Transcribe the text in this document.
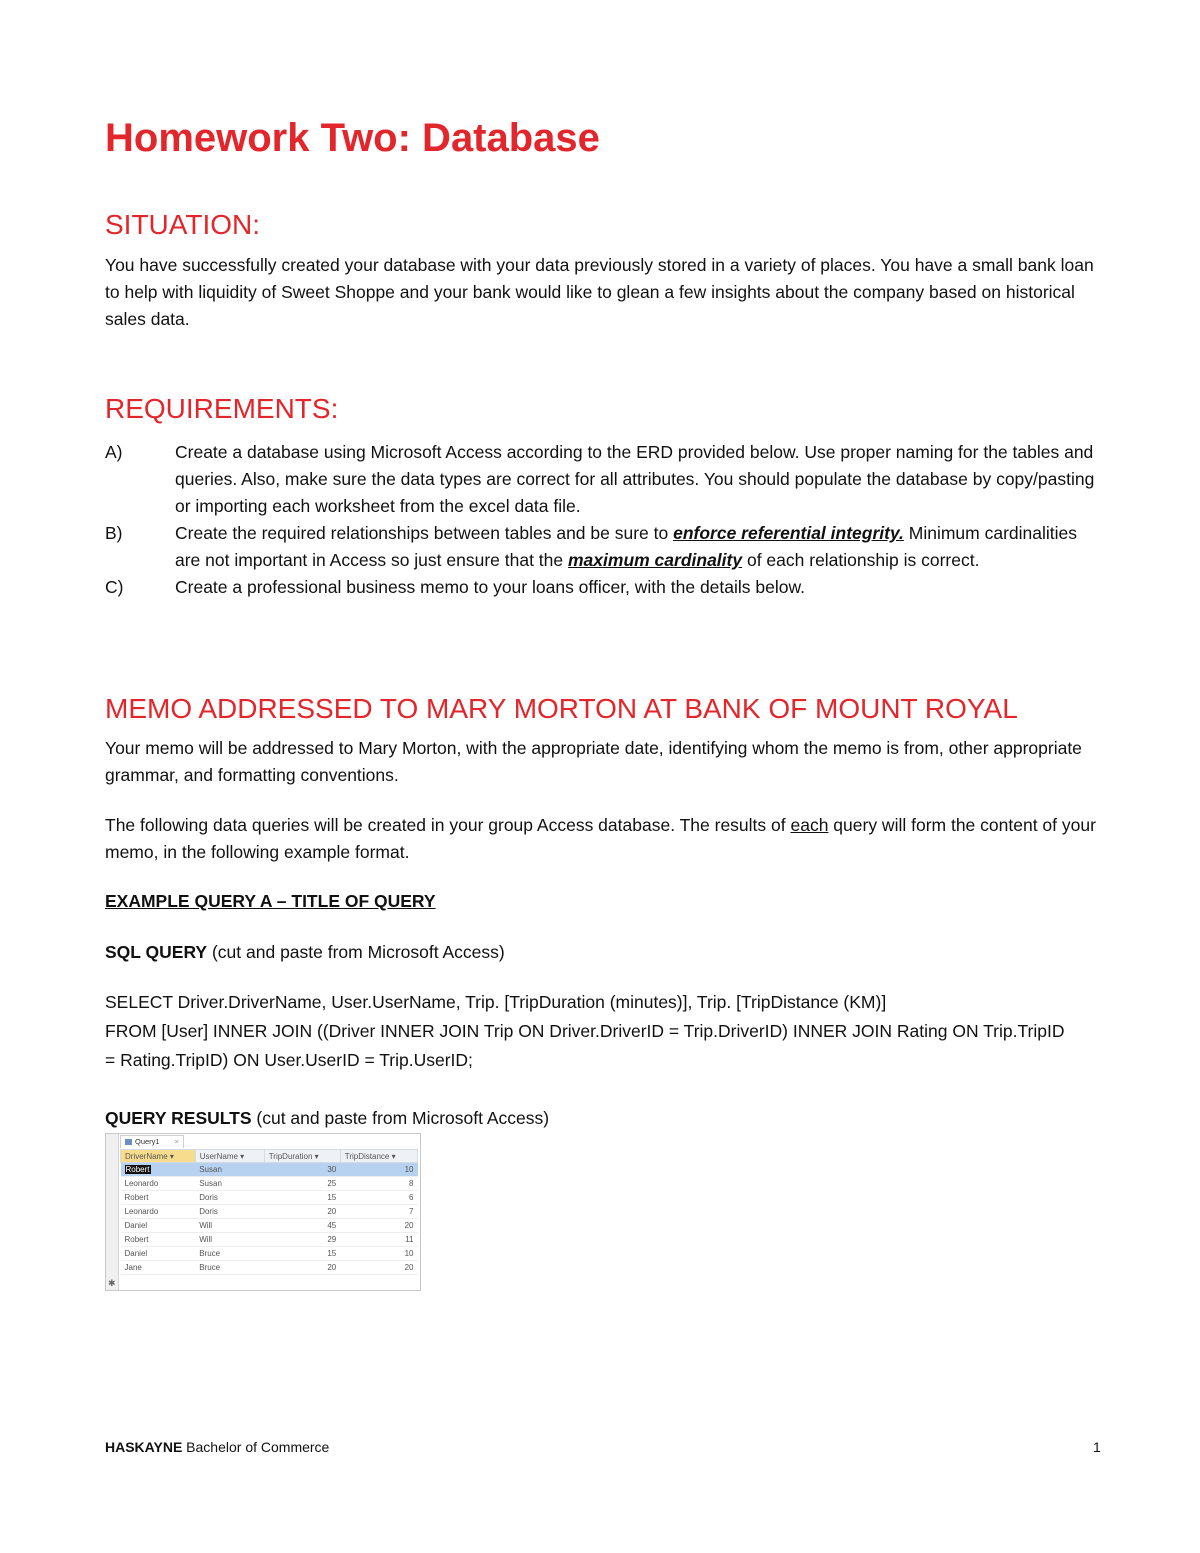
Homework Two: Database
SITUATION:

You have successfully created your database with your data previously stored in a variety of places. You have a small bank loan to help with liquidity of Sweet Shoppe and your bank would like to glean a few insights about the company based on historical sales data.

REQUIREMENTS:
A)	Create a database using Microsoft Access according to the ERD provided below. Use proper naming for the tables and queries. Also, make sure the data types are correct for all attributes. You should populate the database by copy/pasting or importing each worksheet from the excel data file.
B)	Create the required relationships between tables and be sure to enforce referential integrity. Minimum cardinalities are not important in Access so just ensure that the maximum cardinality of each relationship is correct.
C)	Create a professional business memo to your loans officer, with the details below.
MEMO ADDRESSED TO MARY MORTON AT BANK OF MOUNT ROYAL

Your memo will be addressed to Mary Morton, with the appropriate date, identifying whom the memo is from, other appropriate grammar, and formatting conventions.

The following data queries will be created in your group Access database. The results of each query will form the content of your memo, in the following example format.

EXAMPLE QUERY A – TITLE OF QUERY

SQL QUERY (cut and paste from Microsoft Access)

SELECT Driver.DriverName, User.UserName, Trip. [TripDuration (minutes)], Trip. [TripDistance (KM)]
FROM [User] INNER JOIN ((Driver INNER JOIN Trip ON Driver.DriverID = Trip.DriverID) INNER JOIN Rating ON Trip.TripID = Rating.TripID) ON User.UserID = Trip.UserID;

QUERY RESULTS (cut and paste from Microsoft Access)

✱
Query1 ×
DriverName ▾	UserName ▾	TripDuration ▾	TripDistance ▾
Robert	Susan	30	10
Leonardo	Susan	25	8
Robert	Doris	15	6
Leonardo	Doris	20	7
Daniel	Will	45	20
Robert	Will	29	11
Daniel	Bruce	15	10
Jane	Bruce	20	20
HASKAYNE Bachelor of Commerce	1
